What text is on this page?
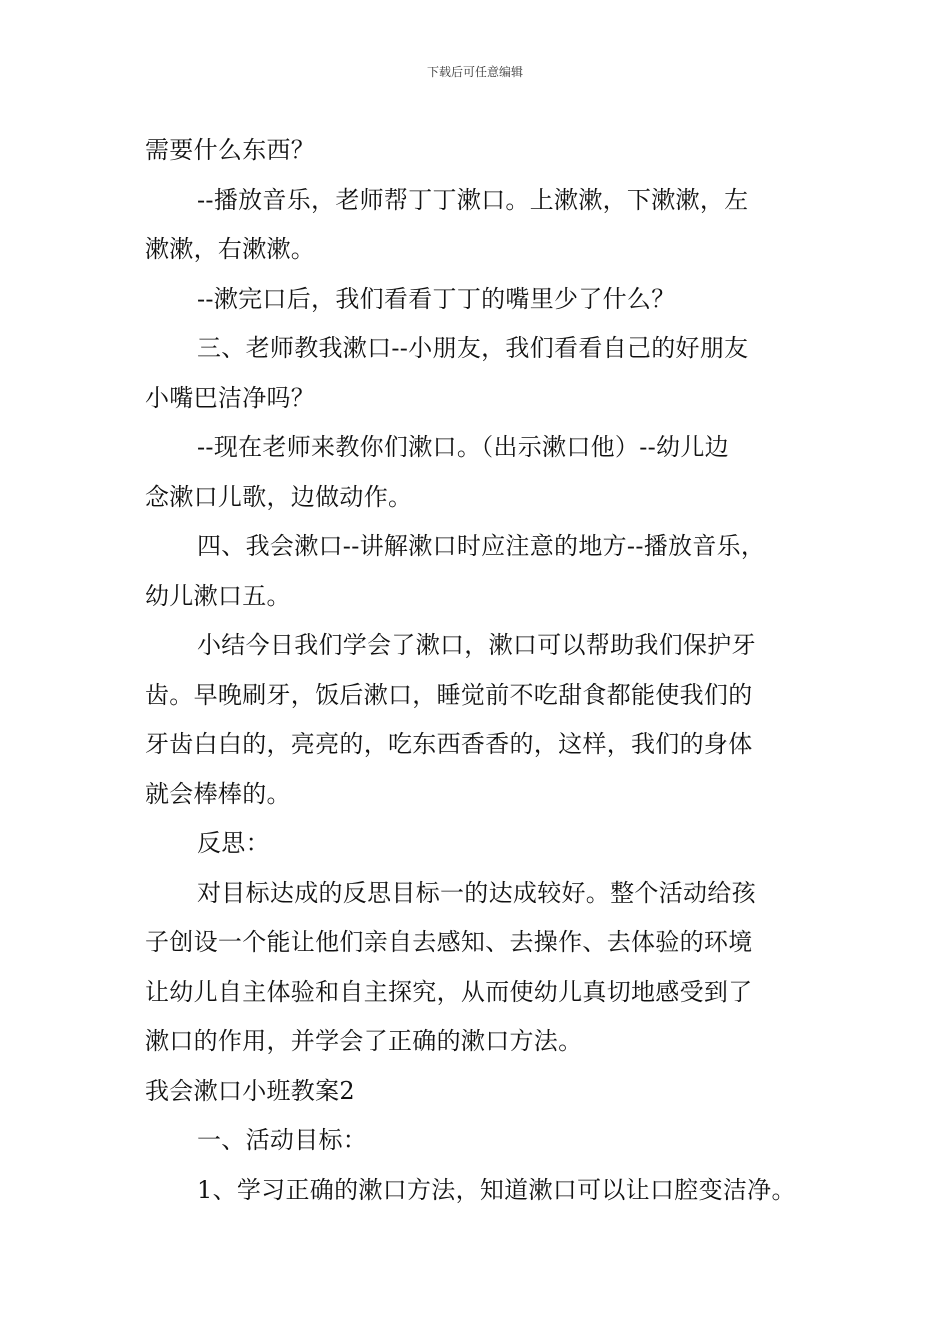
下载后可任意编辑
需要什么东西？
--播放音乐，老师帮丁丁漱口。上漱漱，下漱漱，左
漱漱，右漱漱。
--漱完口后，我们看看丁丁的嘴里少了什么？
三、老师教我漱口--小朋友，我们看看自己的好朋友
小嘴巴洁净吗？
--现在老师来教你们漱口。（出示漱口他）--幼儿边
念漱口儿歌，边做动作。
四、我会漱口--讲解漱口时应注意的地方--播放音乐，
幼儿漱口五。
小结今日我们学会了漱口，漱口可以帮助我们保护牙
齿。早晚刷牙，饭后漱口，睡觉前不吃甜食都能使我们的
牙齿白白的，亮亮的，吃东西香香的，这样，我们的身体
就会棒棒的。
反思：
对目标达成的反思目标一的达成较好。整个活动给孩
子创设一个能让他们亲自去感知、去操作、去体验的环境
让幼儿自主体验和自主探究，从而使幼儿真切地感受到了
漱口的作用，并学会了正确的漱口方法。
我会漱口小班教案2
一、活动目标：
1、学习正确的漱口方法，知道漱口可以让口腔变洁净。
